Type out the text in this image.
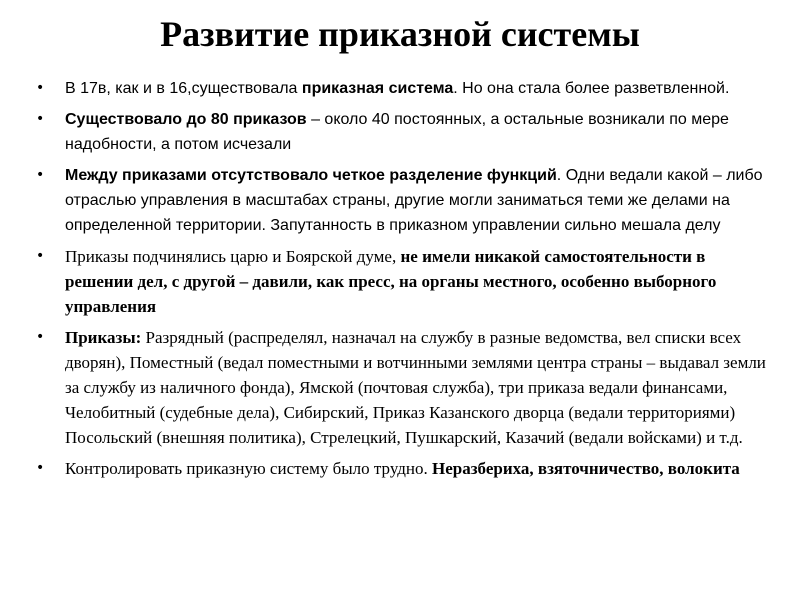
Развитие приказной системы
• В 17в, как и в 16,существовала приказная система. Но она стала более разветвленной.
• Существовало до 80 приказов – около 40 постоянных, а остальные возникали по мере надобности, а потом исчезали
• Между приказами отсутствовало четкое разделение функций. Одни ведали какой – либо отраслью управления в масштабах страны, другие могли заниматься теми же делами на определенной территории. Запутанность в приказном управлении сильно мешала делу
• Приказы подчинялись царю и Боярской думе, не имели никакой самостоятельности в решении дел, с другой – давили, как пресс, на органы местного, особенно выборного управления
• Приказы: Разрядный (распределял, назначал на службу в разные ведомства, вел списки всех дворян), Поместный (ведал поместными и вотчинными землями центра страны – выдавал земли за службу из наличного фонда), Ямской (почтовая служба), три приказа ведали финансами, Челобитный (судебные дела), Сибирский, Приказ Казанского дворца (ведали территориями) Посольский (внешняя политика), Стрелецкий, Пушкарский, Казачий (ведали войсками) и т.д.
• Контролировать приказную систему было трудно. Неразбериха, взяточничество, волокита
